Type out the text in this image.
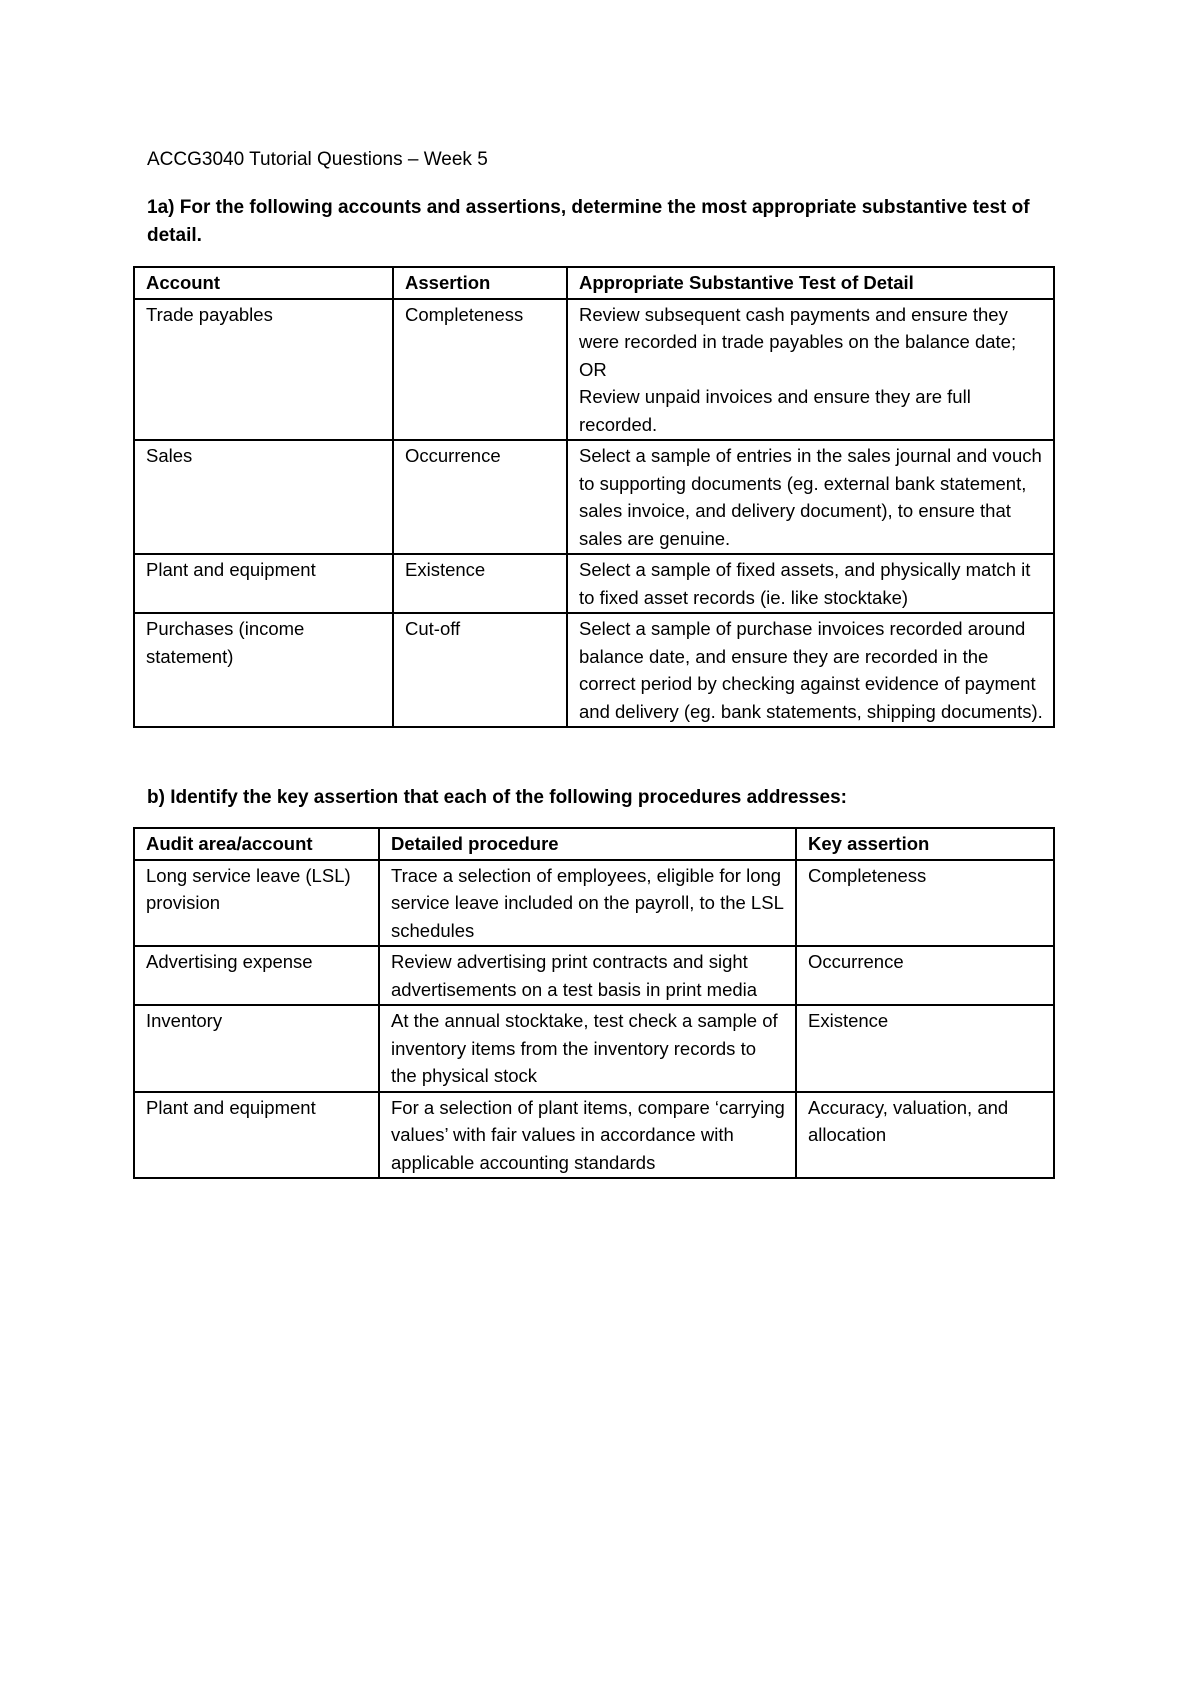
ACCG3040 Tutorial Questions – Week 5

1a) For the following accounts and assertions, determine the most appropriate substantive test of detail.

Account	Assertion	Appropriate Substantive Test of Detail
Trade payables	Completeness	Review subsequent cash payments and ensure they were recorded in trade payables on the balance date; OR
Review unpaid invoices and ensure they are full recorded.

Sales	Occurrence	Select a sample of entries in the sales journal and vouch to supporting documents (eg. external bank statement, sales invoice, and delivery document), to ensure that sales are genuine.

Plant and equipment	Existence	Select a sample of fixed assets, and physically match it to fixed asset records (ie. like stocktake)

Purchases (income statement)	Cut-off	Select a sample of purchase invoices recorded around balance date, and ensure they are recorded in the correct period by checking against evidence of payment and delivery (eg. bank statements, shipping documents).

b) Identify the key assertion that each of the following procedures addresses:

Audit area/account	Detailed procedure	Key assertion
Long service leave (LSL) provision	Trace a selection of employees, eligible for long service leave included on the payroll, to the LSL schedules	Completeness
Advertising expense	Review advertising print contracts and sight advertisements on a test basis in print media	Occurrence
Inventory	At the annual stocktake, test check a sample of inventory items from the inventory records to the physical stock	Existence
Plant and equipment	For a selection of plant items, compare ‘carrying values’ with fair values in accordance with applicable accounting standards	Accuracy, valuation, and allocation
